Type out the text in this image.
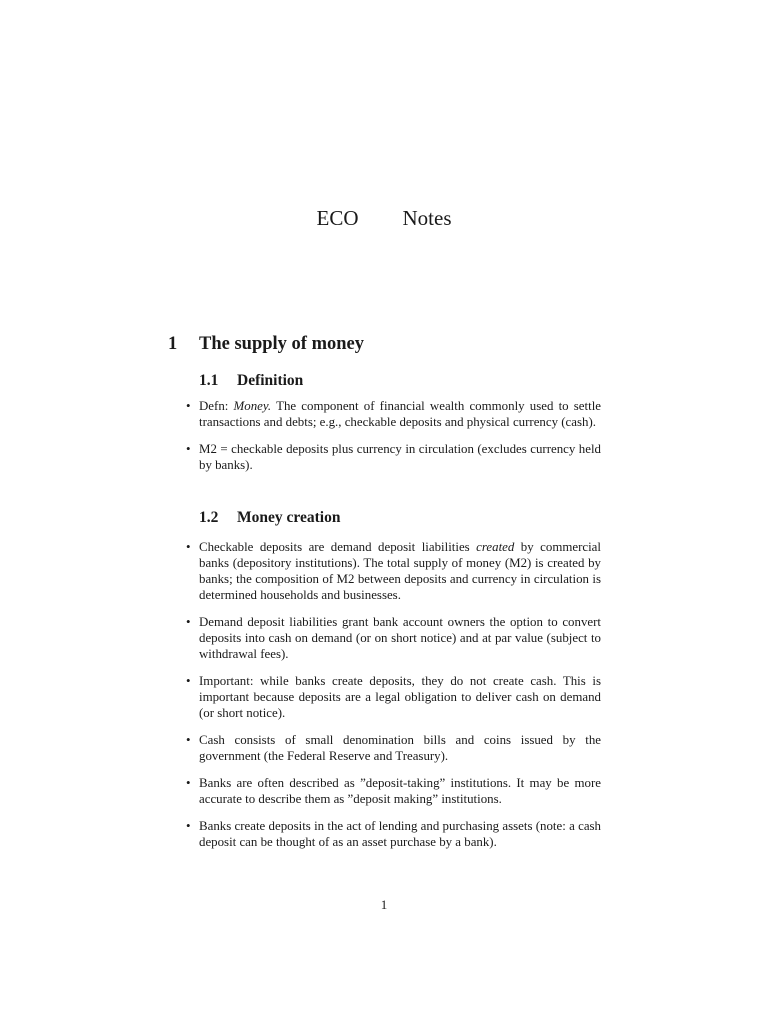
ECO Notes
1 The supply of money
1.1 Definition
• Defn: Money. The component of financial wealth commonly used to settle transactions and debts; e.g., checkable deposits and physical currency (cash).
• M2 = checkable deposits plus currency in circulation (excludes currency held by banks).
1.2 Money creation
• Checkable deposits are demand deposit liabilities created by commercial banks (depository institutions). The total supply of money (M2) is created by banks; the composition of M2 between deposits and currency in circulation is determined households and businesses.
• Demand deposit liabilities grant bank account owners the option to convert deposits into cash on demand (or on short notice) and at par value (subject to withdrawal fees).
• Important: while banks create deposits, they do not create cash. This is important because deposits are a legal obligation to deliver cash on demand (or short notice).
• Cash consists of small denomination bills and coins issued by the government (the Federal Reserve and Treasury).
• Banks are often described as ”deposit-taking” institutions. It may be more accurate to describe them as ”deposit making” institutions.
• Banks create deposits in the act of lending and purchasing assets (note: a cash deposit can be thought of as an asset purchase by a bank).
1
